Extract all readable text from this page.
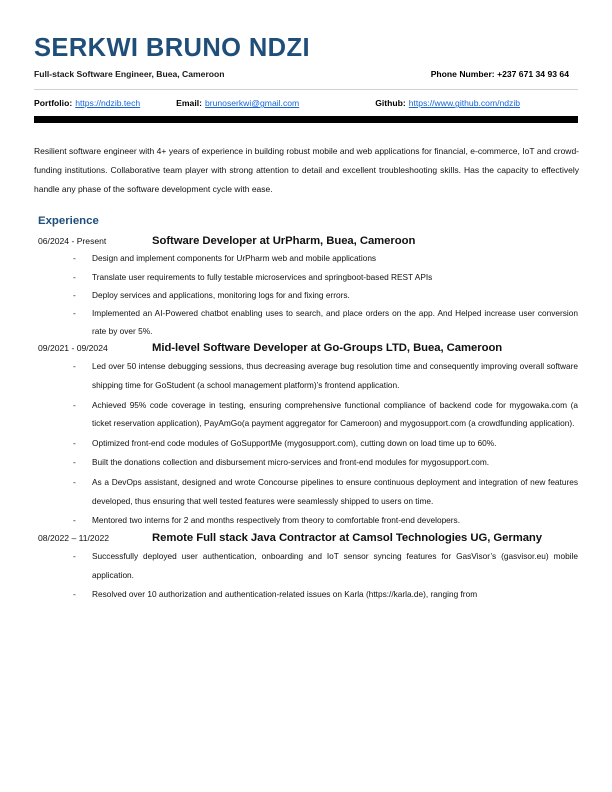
SERKWI BRUNO NDZI
Full-stack Software Engineer, Buea, Cameroon	Phone Number: +237 671 34 93 64
Portfolio: https://ndzib.tech	Email: brunoserkwi@gmail.com	Github: https://www.github.com/ndzib

Resilient software engineer with 4+ years of experience in building robust mobile and web applications for financial, e-commerce, IoT and crowd-funding institutions. Collaborative team player with strong attention to detail and excellent troubleshooting skills. Has the capacity to effectively handle any phase of the software development cycle with ease.

Experience
06/2024 - Present	Software Developer at UrPharm, Buea, Cameroon
-	Design and implement components for UrPharm web and mobile applications
-	Translate user requirements to fully testable microservices and springboot-based REST APIs
-	Deploy services and applications, monitoring logs for and fixing errors.
-	Implemented an AI-Powered chatbot enabling uses to search, and place orders on the app. And Helped increase user conversion rate by over 5%.
09/2021 - 09/2024	Mid-level Software Developer at Go-Groups LTD, Buea, Cameroon
-	Led over 50 intense debugging sessions, thus decreasing average bug resolution time and consequently improving overall software shipping time for GoStudent (a school management platform)’s frontend application.
-	Achieved 95% code coverage in testing, ensuring comprehensive functional compliance of backend code for mygowaka.com (a ticket reservation application), PayAmGo(a payment aggregator for Cameroon) and mygosupport.com (a crowdfunding application).
-	Optimized front-end code modules of GoSupportMe (mygosupport.com), cutting down on load time up to 60%.
-	Built the donations collection and disbursement micro-services and front-end modules for mygosupport.com.
-	As a DevOps assistant, designed and wrote Concourse pipelines to ensure continuous deployment and integration of new features developed, thus ensuring that well tested features were seamlessly shipped to users on time.
-	Mentored two interns for 2 and months respectively from theory to comfortable front-end developers.
08/2022 – 11/2022	Remote Full stack Java Contractor at Camsol Technologies UG, Germany
-	Successfully deployed user authentication, onboarding and IoT sensor syncing features for GasVisor’s (gasvisor.eu) mobile application.
-	Resolved over 10 authorization and authentication-related issues on Karla (https://karla.de), ranging from
